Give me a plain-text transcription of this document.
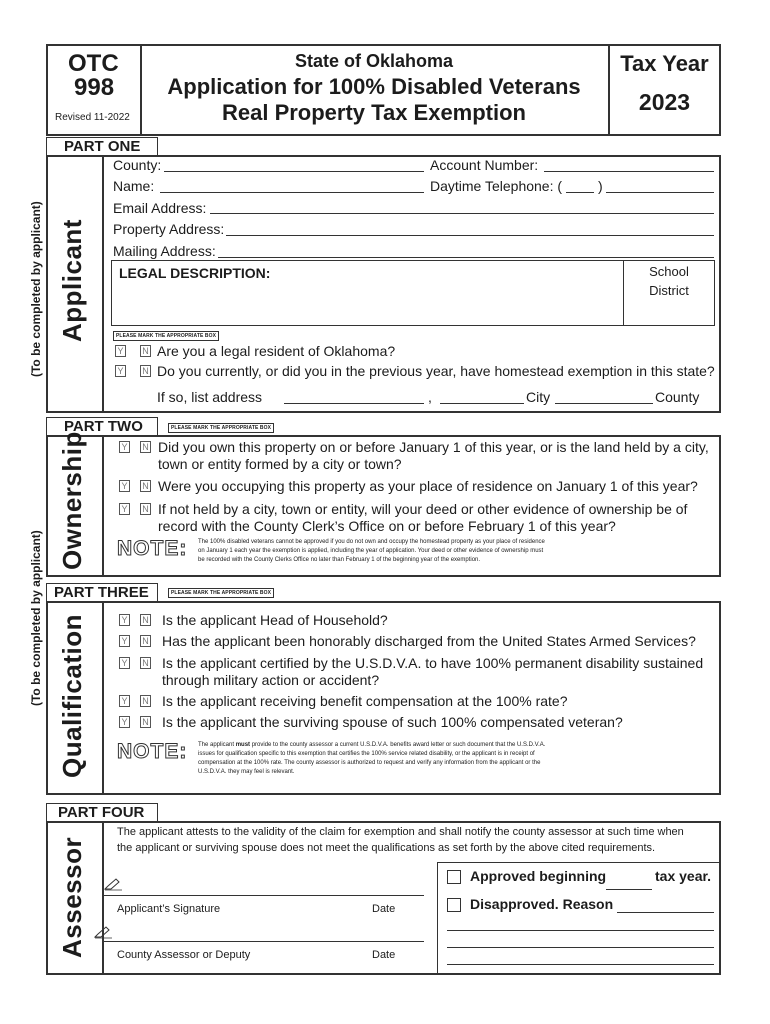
OTC
998
Revised 11-2022
State of Oklahoma
Application for 100% Disabled Veterans
Real Property Tax Exemption
Tax Year
2023
(To be completed by applicant)
(To be completed by applicant)
PART ONE
Applicant
County:	Account Number:
Name:	Daytime Telephone: (	)
Email Address:
Property Address:
Mailing Address:
LEGAL DESCRIPTION:	School
District
PLEASE MARK THE APPROPRIATE BOX
Y N Are you a legal resident of Oklahoma?
Y N Do you currently, or did you in the previous year, have homestead exemption in this state?
If so, list address	,	City	County
PART TWO	PLEASE MARK THE APPROPRIATE BOX
Ownership	Y N Did you own this property on or before January 1 of this year, or is the land held by a city,
town or entity formed by a city or town?
Y N Were you occupying this property as your place of residence on January 1 of this year?
Y N If not held by a city, town or entity, will your deed or other evidence of ownership be of
record with the County Clerk’s Office on or before February 1 of this year?
NOTE: The 100% disabled veterans cannot be approved if you do not own and occupy the homestead property as your place of residence
on January 1 each year the exemption is applied, including the year of application. Your deed or other evidence of ownership must
be recorded with the County Clerks Office no later than February 1 of the beginning year of the exemption.
PART THREE	PLEASE MARK THE APPROPRIATE BOX
Qualification	Y N Is the applicant Head of Household?
Y N Has the applicant been honorably discharged from the United States Armed Services?
Y N Is the applicant certified by the U.S.D.V.A. to have 100% permanent disability sustained
through military action or accident?
Y N Is the applicant receiving benefit compensation at the 100% rate?
Y N Is the applicant the surviving spouse of such 100% compensated veteran?
NOTE: The applicant must provide to the county assessor a current U.S.D.V.A. benefits award letter or such document that the U.S.D.V.A.
issues for qualification specific to this exemption that certifies the 100% service related disability, or the applicant is in receipt of
compensation at the 100% rate. The county assessor is authorized to request and verify any information from the applicant or the
U.S.D.V.A. they may feel is relevant.
PART FOUR
Assessor
The applicant attests to the validity of the claim for exemption and shall notify the county assessor at such time when
the applicant or surviving spouse does not meet the qualifications as set forth by the above cited requirements.
Applicant’s Signature	Date
County Assessor or Deputy	Date
Approved beginning	tax year.
Disapproved. Reason
